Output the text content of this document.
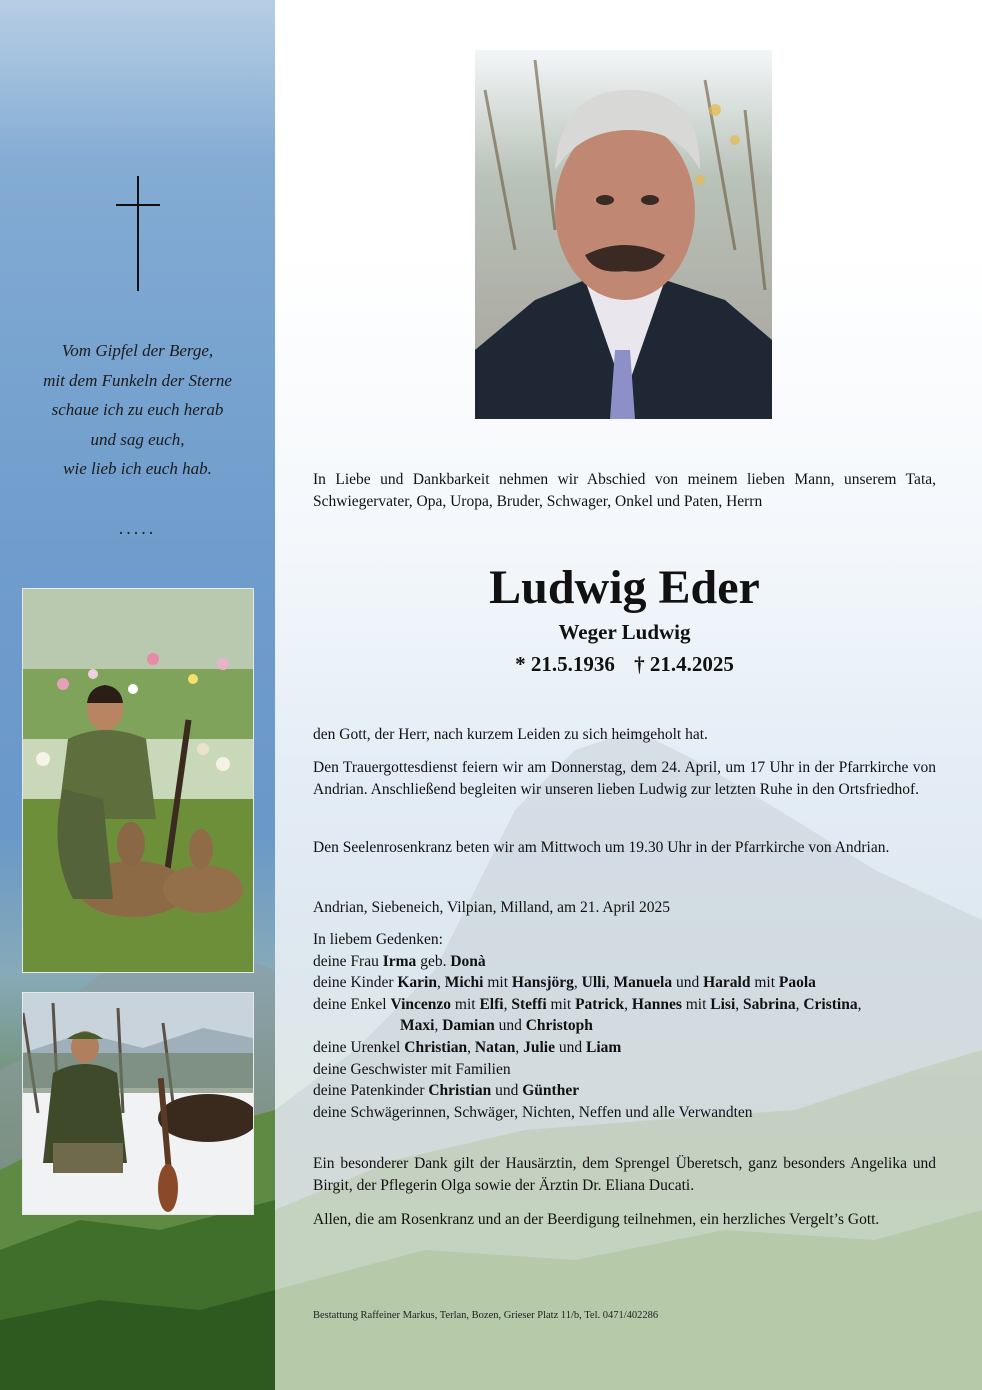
Vom Gipfel der Berge,
mit dem Funkeln der Sterne
schaue ich zu euch herab
und sag euch,
wie lieb ich euch hab.
.....
In Liebe und Dankbarkeit nehmen wir Abschied von meinem lieben Mann, unserem Tata, Schwiegervater, Opa, Uropa, Bruder, Schwager, Onkel und Paten, Herrn
Ludwig Eder
Weger Ludwig
* 21.5.1936 † 21.4.2025
den Gott, der Herr, nach kurzem Leiden zu sich heimgeholt hat.
Den Trauergottesdienst feiern wir am Donnerstag, dem 24. April, um 17 Uhr in der Pfarrkirche von Andrian. Anschließend begleiten wir unseren lieben Ludwig zur letzten Ruhe in den Ortsfriedhof.
Den Seelenrosenkranz beten wir am Mittwoch um 19.30 Uhr in der Pfarrkirche von Andrian.
Andrian, Siebeneich, Vilpian, Milland, am 21. April 2025
In liebem Gedenken:
deine Frau Irma geb. Donà
deine Kinder Karin, Michi mit Hansjörg, Ulli, Manuela und Harald mit Paola
deine Enkel Vincenzo mit Elfi, Steffi mit Patrick, Hannes mit Lisi, Sabrina, Cristina,
Maxi, Damian und Christoph
deine Urenkel Christian, Natan, Julie und Liam
deine Geschwister mit Familien
deine Patenkinder Christian und Günther
deine Schwägerinnen, Schwäger, Nichten, Neffen und alle Verwandten
Ein besonderer Dank gilt der Hausärztin, dem Sprengel Überetsch, ganz besonders Angelika und Birgit, der Pflegerin Olga sowie der Ärztin Dr. Eliana Ducati.
Allen, die am Rosenkranz und an der Beerdigung teilnehmen, ein herzliches Vergelt’s Gott.
Bestattung Raffeiner Markus, Terlan, Bozen, Grieser Platz 11/b, Tel. 0471/402286
